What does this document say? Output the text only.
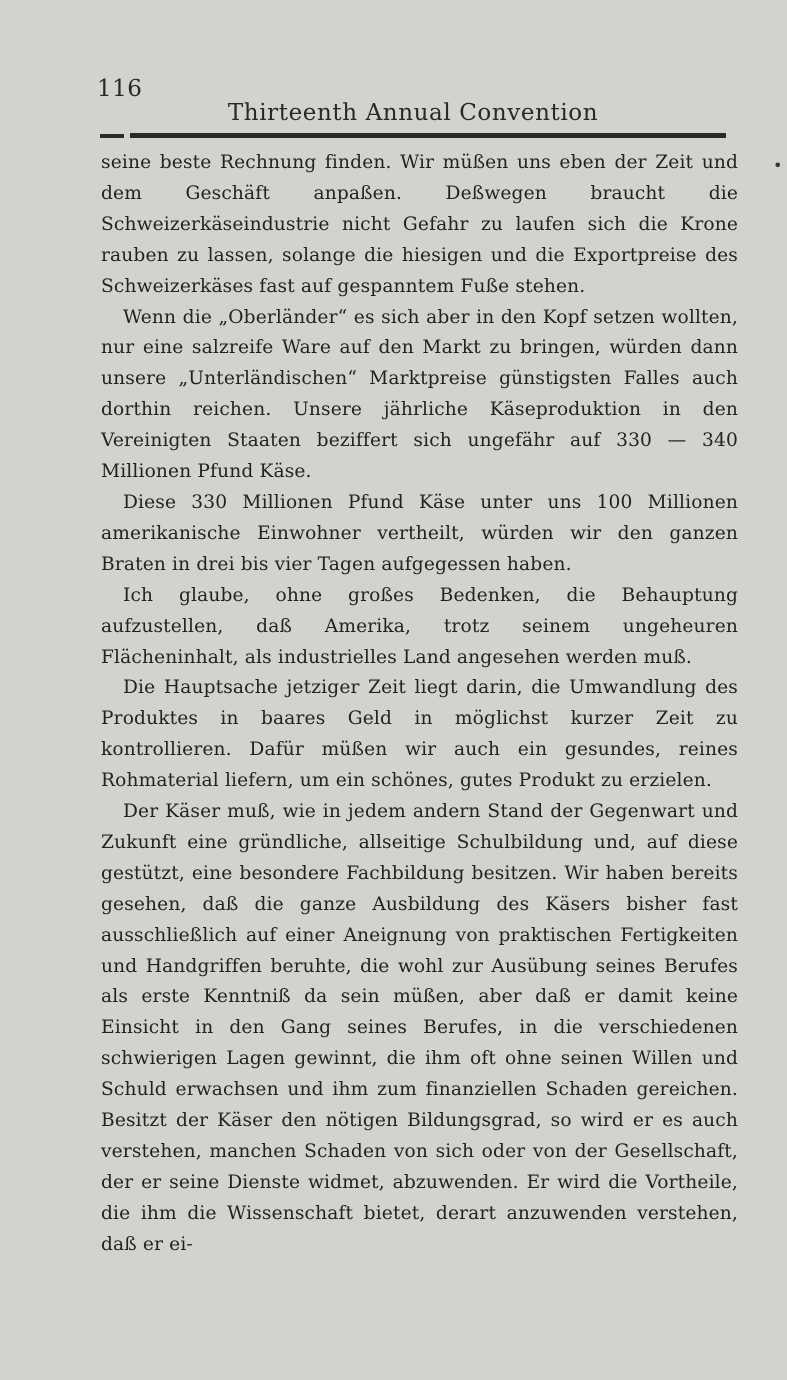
116
Thirteenth Annual Convention
•

seine beste Rechnung finden. Wir müßen uns eben der Zeit und dem Geschäft anpaßen. Deßwegen braucht die Schweizerkäseindustrie nicht Gefahr zu laufen sich die Krone rauben zu lassen, solange die hiesigen und die Exportpreise des Schweizerkäses fast auf gespanntem Fuße stehen.

Wenn die „Oberländer“ es sich aber in den Kopf setzen wollten, nur eine salzreife Ware auf den Markt zu bringen, würden dann unsere „Unterländischen“ Marktpreise günstigsten Falles auch dorthin reichen. Unsere jährliche Käseproduktion in den Vereinigten Staaten beziffert sich ungefähr auf 330 — 340 Millionen Pfund Käse.

Diese 330 Millionen Pfund Käse unter uns 100 Millionen amerikanische Einwohner vertheilt, würden wir den ganzen Braten in drei bis vier Tagen aufgegessen haben.

Ich glaube, ohne großes Bedenken, die Behauptung aufzustellen, daß Amerika, trotz seinem ungeheuren Flächeninhalt, als industrielles Land angesehen werden muß.

Die Hauptsache jetziger Zeit liegt darin, die Umwandlung des Produktes in baares Geld in möglichst kurzer Zeit zu kontrollieren. Dafür müßen wir auch ein gesundes, reines Rohmaterial liefern, um ein schönes, gutes Produkt zu erzielen.

Der Käser muß, wie in jedem andern Stand der Gegenwart und Zukunft eine gründliche, allseitige Schulbildung und, auf diese gestützt, eine besondere Fachbildung besitzen. Wir haben bereits gesehen, daß die ganze Ausbildung des Käsers bisher fast ausschließlich auf einer Aneignung von praktischen Fertigkeiten und Handgriffen beruhte, die wohl zur Ausübung seines Berufes als erste Kenntniß da sein müßen, aber daß er damit keine Einsicht in den Gang seines Berufes, in die verschiedenen schwierigen Lagen gewinnt, die ihm oft ohne seinen Willen und Schuld erwachsen und ihm zum finanziellen Schaden gereichen. Besitzt der Käser den nötigen Bildungsgrad, so wird er es auch verstehen, manchen Schaden von sich oder von der Gesellschaft, der er seine Dienste widmet, abzuwenden. Er wird die Vortheile, die ihm die Wissenschaft bietet, derart anzuwenden verstehen, daß er ei-
